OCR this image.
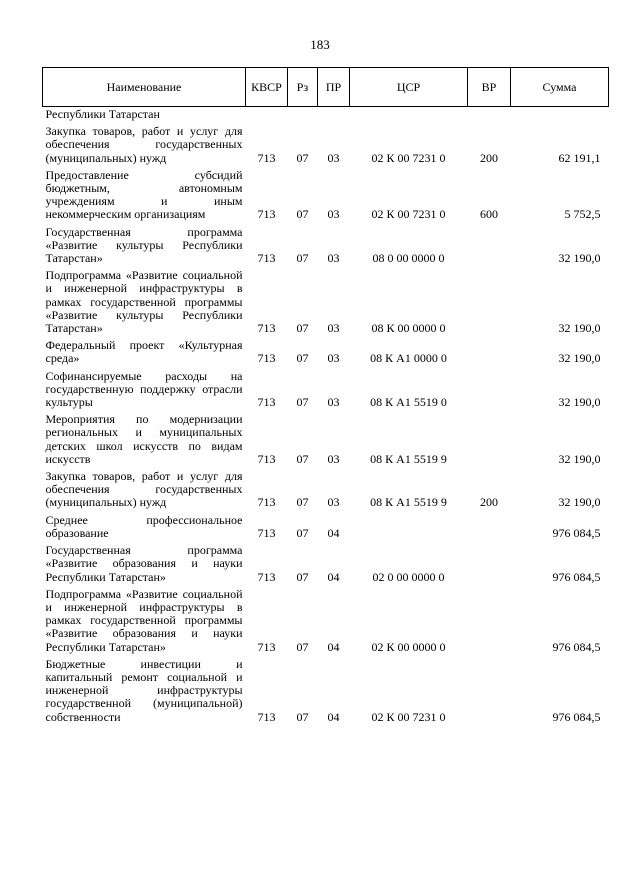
183
Наименование	КВСР	Рз	ПР	ЦСР	ВР	Сумма
Республики Татарстан						
Закупка товаров, работ и услуг для обеспечения государственных (муниципальных) нужд	713	07	03	02 К 00 7231 0	200	62 191,1
Предоставление субсидий бюджетным, автономным учреждениям и иным некоммерческим организациям	713	07	03	02 К 00 7231 0	600	5 752,5
Государственная программа «Развитие культуры Республики Татарстан»	713	07	03	08 0 00 0000 0		32 190,0
Подпрограмма «Развитие социальной и инженерной инфраструктуры в рамках государственной программы «Развитие культуры Республики Татарстан»	713	07	03	08 К 00 0000 0		32 190,0
Федеральный проект «Культурная среда»	713	07	03	08 К А1 0000 0		32 190,0
Софинансируемые расходы на государственную поддержку отрасли культуры	713	07	03	08 К А1 5519 0		32 190,0
Мероприятия по модернизации региональных и муниципальных детских школ искусств по видам искусств	713	07	03	08 К А1 5519 9		32 190,0
Закупка товаров, работ и услуг для обеспечения государственных (муниципальных) нужд	713	07	03	08 К А1 5519 9	200	32 190,0
Среднее профессиональное образование	713	07	04			976 084,5
Государственная программа «Развитие образования и науки Республики Татарстан»	713	07	04	02 0 00 0000 0		976 084,5
Подпрограмма «Развитие социальной и инженерной инфраструктуры в рамках государственной программы «Развитие образования и науки Республики Татарстан»	713	07	04	02 К 00 0000 0		976 084,5
Бюджетные инвестиции и капитальный ремонт социальной и инженерной инфраструктуры государственной (муниципальной) собственности	713	07	04	02 К 00 7231 0		976 084,5
